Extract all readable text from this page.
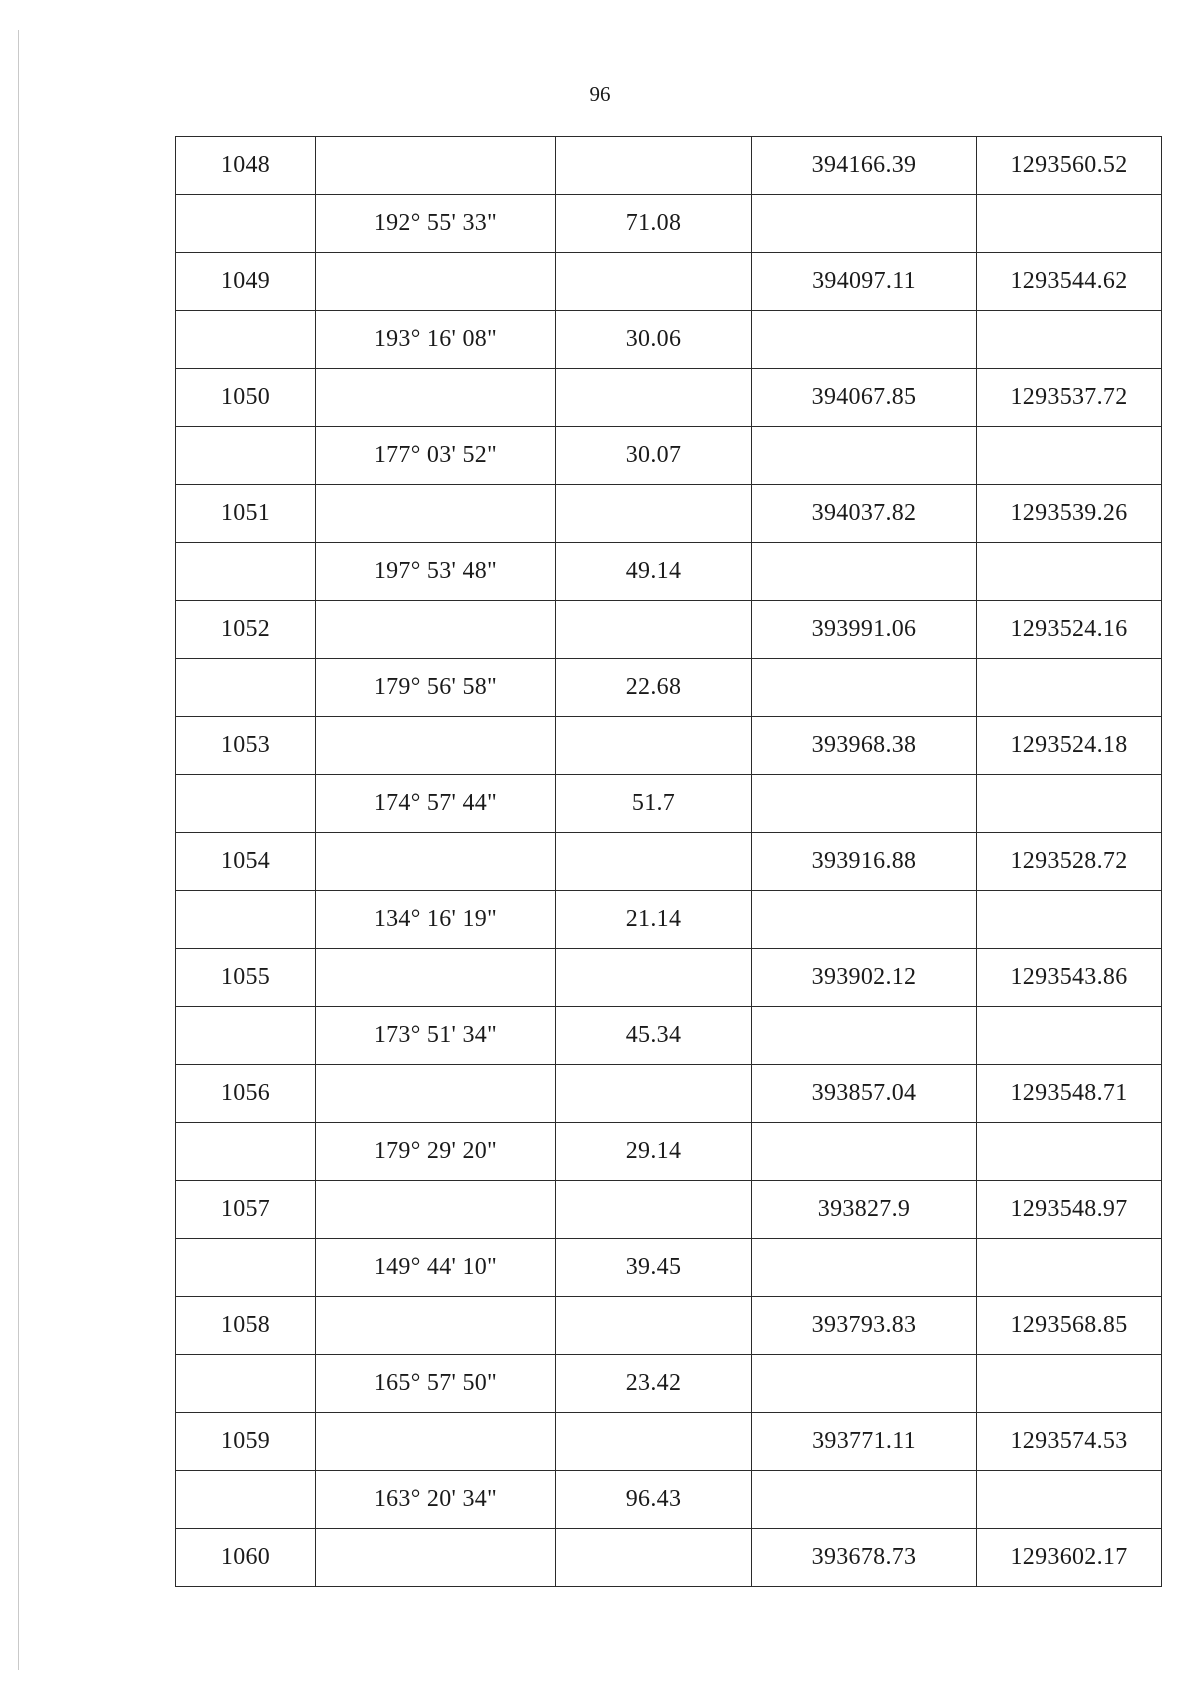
96
1048			394166.39	1293560.52
	192° 55' 33"	71.08		
1049			394097.11	1293544.62
	193° 16' 08"	30.06		
1050			394067.85	1293537.72
	177° 03' 52"	30.07		
1051			394037.82	1293539.26
	197° 53' 48"	49.14		
1052			393991.06	1293524.16
	179° 56' 58"	22.68		
1053			393968.38	1293524.18
	174° 57' 44"	51.7		
1054			393916.88	1293528.72
	134° 16' 19"	21.14		
1055			393902.12	1293543.86
	173° 51' 34"	45.34		
1056			393857.04	1293548.71
	179° 29' 20"	29.14		
1057			393827.9	1293548.97
	149° 44' 10"	39.45		
1058			393793.83	1293568.85
	165° 57' 50"	23.42		
1059			393771.11	1293574.53
	163° 20' 34"	96.43		
1060			393678.73	1293602.17
